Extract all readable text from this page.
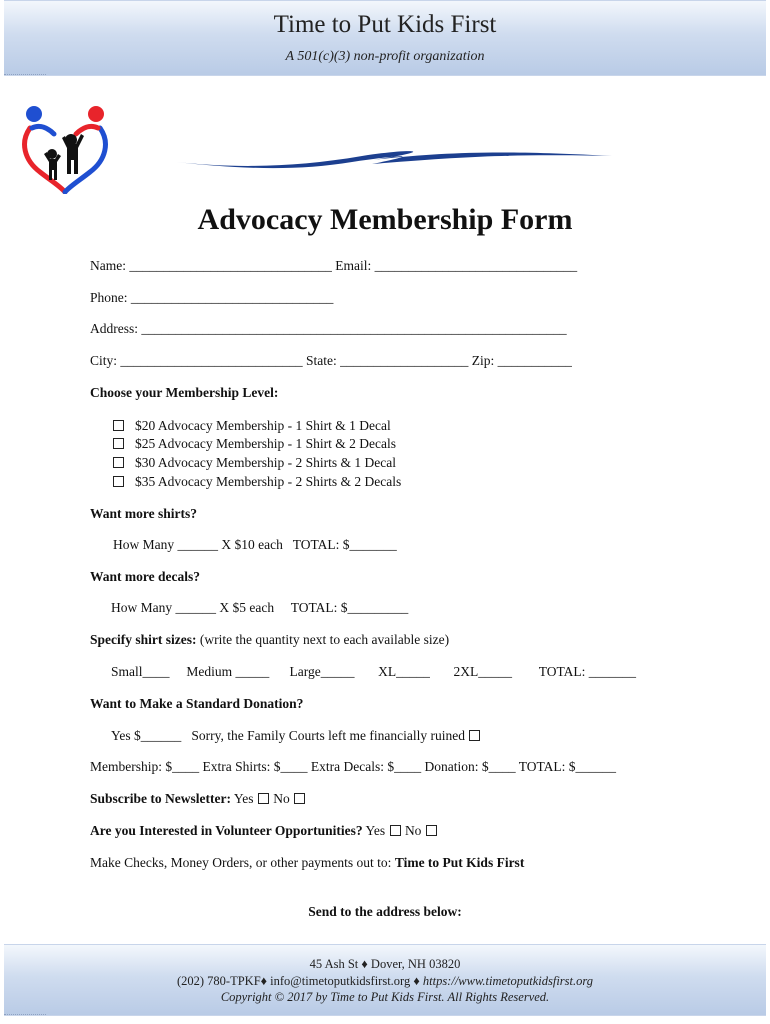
Time to Put Kids First
A 501(c)(3) non-profit organization
Advocacy Membership Form
Name: ______________________________ Email: ______________________________
Phone: ______________________________
Address: _______________________________________________________________
City: ___________________________ State: ___________________ Zip: ___________
Choose your Membership Level:
$20 Advocacy Membership - 1 Shirt & 1 Decal
$25 Advocacy Membership - 1 Shirt & 2 Decals
$30 Advocacy Membership - 2 Shirts & 1 Decal
$35 Advocacy Membership - 2 Shirts & 2 Decals
Want more shirts?
How Many ______ X $10 each   TOTAL: $_______
Want more decals?
How Many ______ X $5 each     TOTAL: $_________
Specify shirt sizes: (write the quantity next to each available size)
Small____     Medium _____      Large_____       XL_____       2XL_____        TOTAL: _______
Want to Make a Standard Donation?
Yes $______   Sorry, the Family Courts left me financially ruined
Membership: $____ Extra Shirts: $____ Extra Decals: $____ Donation: $____ TOTAL: $______
Subscribe to Newsletter: Yes  No
Are you Interested in Volunteer Opportunities? Yes  No
Make Checks, Money Orders, or other payments out to: Time to Put Kids First
Send to the address below:
45 Ash St ♦ Dover, NH 03820
(202) 780-TPKF♦ info@timetoputkidsfirst.org ♦ https://www.timetoputkidsfirst.org
Copyright © 2017 by Time to Put Kids First. All Rights Reserved.
